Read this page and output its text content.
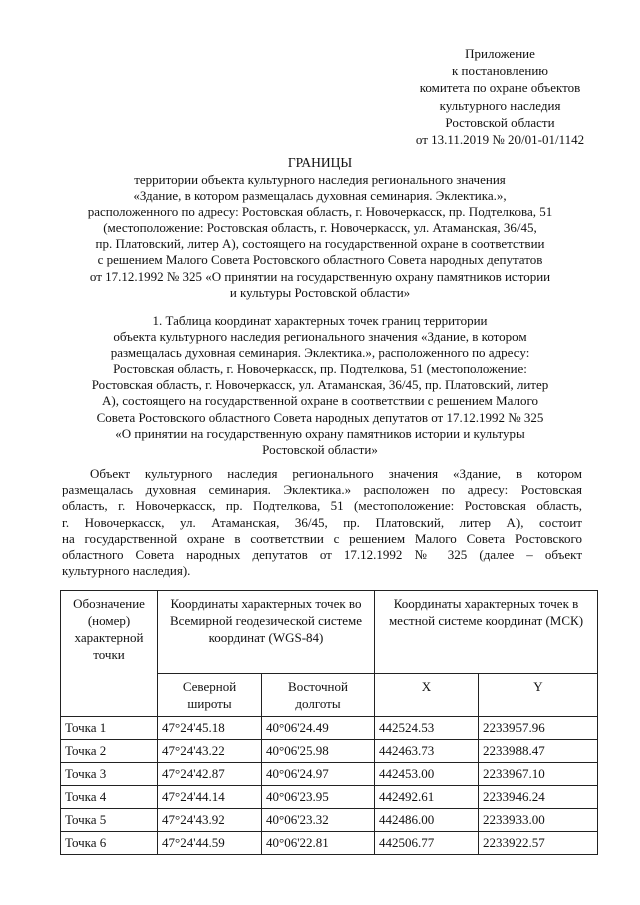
Приложение
к постановлению
комитета по охране объектов
культурного наследия
Ростовской области
от 13.11.2019 № 20/01-01/1142
ГРАНИЦЫ
территории объекта культурного наследия регионального значения
«Здание, в котором размещалась духовная семинария. Эклектика.»,
расположенного по адресу: Ростовская область, г. Новочеркасск, пр. Подтелкова, 51
(местоположение: Ростовская область, г. Новочеркасск, ул. Атаманская, 36/45,
пр. Платовский, литер А), состоящего на государственной охране в соответствии
с решением Малого Совета Ростовского областного Совета народных депутатов
от 17.12.1992 № 325 «О принятии на государственную охрану памятников истории
и культуры Ростовской области»
1. Таблица координат характерных точек границ территории
объекта культурного наследия регионального значения «Здание, в котором
размещалась духовная семинария. Эклектика.», расположенного по адресу:
Ростовская область, г. Новочеркасск, пр. Подтелкова, 51 (местоположение:
Ростовская область, г. Новочеркасск, ул. Атаманская, 36/45, пр. Платовский, литер
А), состоящего на государственной охране в соответствии с решением Малого
Совета Ростовского областного Совета народных депутатов от 17.12.1992 № 325
«О принятии на государственную охрану памятников истории и культуры
Ростовской области»
Объект культурного наследия регионального значения «Здание, в котором
размещалась духовная семинария. Эклектика.» расположен по адресу: Ростовская
область, г. Новочеркасск, пр. Подтелкова, 51 (местоположение: Ростовская область,
г. Новочеркасск, ул. Атаманская, 36/45, пр. Платовский, литер А), состоит
на государственной охране в соответствии с решением Малого Совета Ростовского
областного Совета народных депутатов от 17.12.1992 № 325 (далее – объект
культурного наследия).
Обозначение (номер) характерной точки	Координаты характерных точек во Всемирной геодезической системе координат (WGS-84)		Координаты характерных точек в местной системе координат (МСК)	
	Северной широты	Восточной долготы	X	Y
Точка 1	47°24'45.18	40°06'24.49	442524.53	2233957.96
Точка 2	47°24'43.22	40°06'25.98	442463.73	2233988.47
Точка 3	47°24'42.87	40°06'24.97	442453.00	2233967.10
Точка 4	47°24'44.14	40°06'23.95	442492.61	2233946.24
Точка 5	47°24'43.92	40°06'23.32	442486.00	2233933.00
Точка 6	47°24'44.59	40°06'22.81	442506.77	2233922.57
